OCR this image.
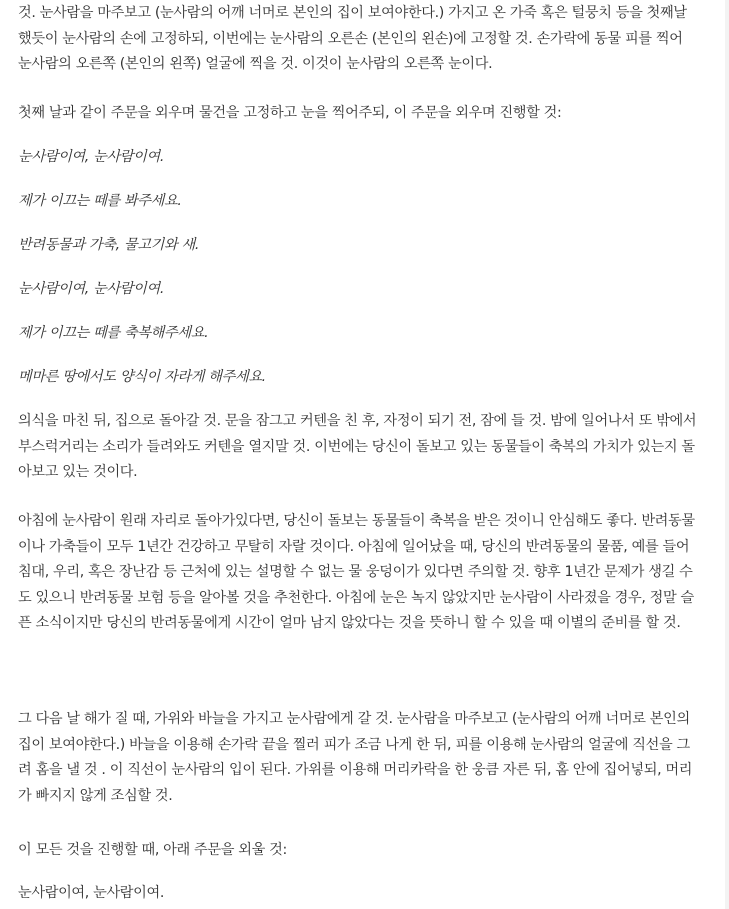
것. 눈사람을 마주보고 (눈사람의 어깨 너머로 본인의 집이 보여야한다.) 가지고 온 가죽 혹은 털뭉치 등을 첫째날
했듯이 눈사람의 손에 고정하되, 이번에는 눈사람의 오른손 (본인의 왼손)에 고정할 것. 손가락에 동물 피를 찍어
눈사람의 오른쪽 (본인의 왼쪽) 얼굴에 찍을 것. 이것이 눈사람의 오른쪽 눈이다.

첫째 날과 같이 주문을 외우며 물건을 고정하고 눈을 찍어주되, 이 주문을 외우며 진행할 것:

눈사람이여, 눈사람이여.

제가 이끄는 떼를 봐주세요.

반려동물과 가축, 물고기와 새.

눈사람이여, 눈사람이여.

제가 이끄는 떼를 축복해주세요.

메마른 땅에서도 양식이 자라게 해주세요.

의식을 마친 뒤, 집으로 돌아갈 것. 문을 잠그고 커텐을 친 후, 자정이 되기 전, 잠에 들 것. 밤에 일어나서 또 밖에서
부스럭거리는 소리가 들려와도 커텐을 열지말 것. 이번에는 당신이 돌보고 있는 동물들이 축복의 가치가 있는지 돌
아보고 있는 것이다.

아침에 눈사람이 원래 자리로 돌아가있다면, 당신이 돌보는 동물들이 축복을 받은 것이니 안심해도 좋다. 반려동물
이나 가축들이 모두 1년간 건강하고 무탈히 자랄 것이다. 아침에 일어났을 때, 당신의 반려동물의 물품, 예를 들어
침대, 우리, 혹은 장난감 등 근처에 있는 설명할 수 없는 물 웅덩이가 있다면 주의할 것. 향후 1년간 문제가 생길 수
도 있으니 반려동물 보험 등을 알아볼 것을 추천한다. 아침에 눈은 녹지 않았지만 눈사람이 사라졌을 경우, 정말 슬
픈 소식이지만 당신의 반려동물에게 시간이 얼마 남지 않았다는 것을 뜻하니 할 수 있을 때 이별의 준비를 할 것.

그 다음 날 해가 질 때, 가위와 바늘을 가지고 눈사람에게 갈 것. 눈사람을 마주보고 (눈사람의 어깨 너머로 본인의
집이 보여야한다.) 바늘을 이용해 손가락 끝을 찔러 피가 조금 나게 한 뒤, 피를 이용해 눈사람의 얼굴에 직선을 그
려 홈을 낼 것 . 이 직선이 눈사람의 입이 된다. 가위를 이용해 머리카락을 한 웅큼 자른 뒤, 홈 안에 집어넣되, 머리
가 빠지지 않게 조심할 것.

이 모든 것을 진행할 때, 아래 주문을 외울 것:

눈사람이여, 눈사람이여.
